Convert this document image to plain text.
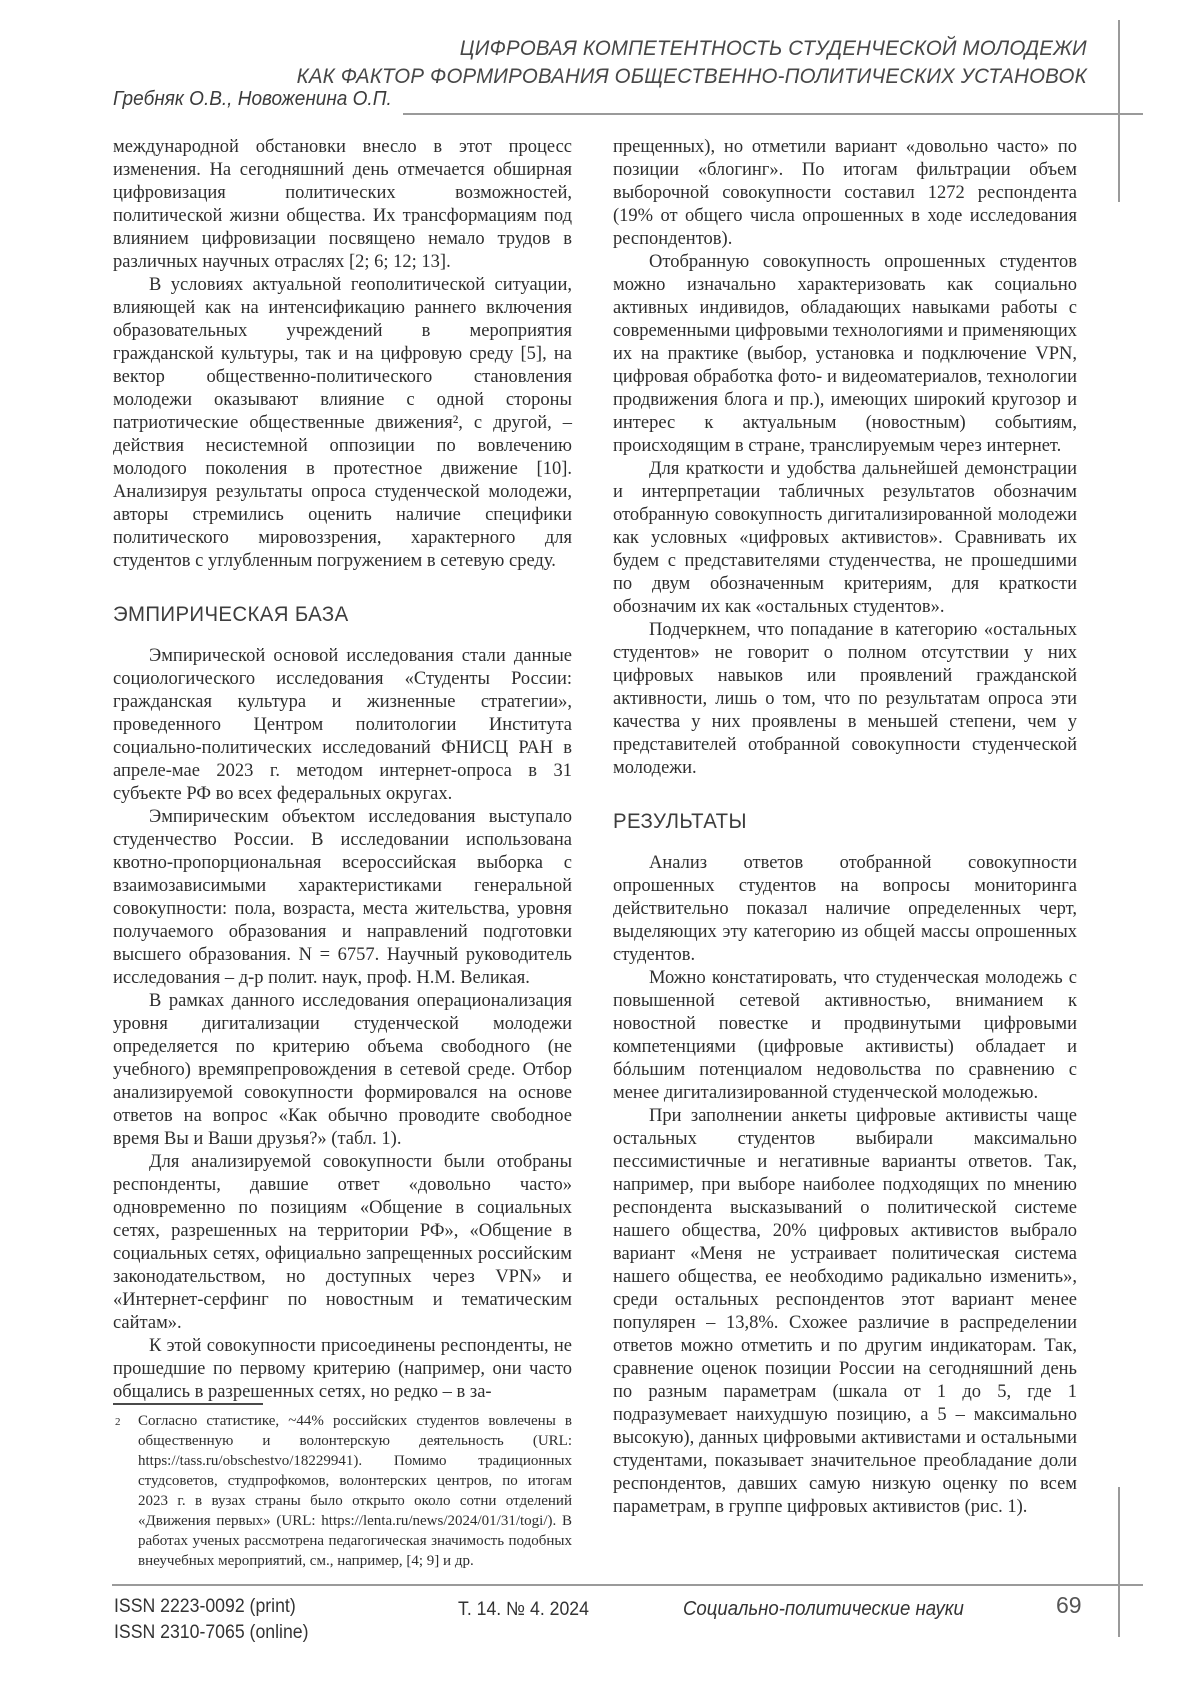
ЦИФРОВАЯ КОМПЕТЕНТНОСТЬ СТУДЕНЧЕСКОЙ МОЛОДЕЖИ
КАК ФАКТОР ФОРМИРОВАНИЯ ОБЩЕСТВЕННО-ПОЛИТИЧЕСКИХ УСТАНОВОК
Гребняк О.В., Новоженина О.П.

международной обстановки внесло в этот процесс изменения. На сегодняшний день отмечается обширная цифровизация политических возможностей, политической жизни общества. Их трансформациям под влиянием цифровизации посвящено немало трудов в различных научных отраслях [2; 6; 12; 13].

В условиях актуальной геополитической ситуации, влияющей как на интенсификацию раннего включения образовательных учреждений в мероприятия гражданской культуры, так и на цифровую среду [5], на вектор общественно-политического становления молодежи оказывают влияние с одной стороны патриотические общественные движения², с другой, – действия несистемной оппозиции по вовлечению молодого поколения в протестное движение [10]. Анализируя результаты опроса студенческой молодежи, авторы стремились оценить наличие специфики политического мировоззрения, характерного для студентов с углубленным погружением в сетевую среду.

ЭМПИРИЧЕСКАЯ БАЗА

Эмпирической основой исследования стали данные социологического исследования «Студенты России: гражданская культура и жизненные стратегии», проведенного Центром политологии Института социально-политических исследований ФНИСЦ РАН в апреле-мае 2023 г. методом интернет-опроса в 31 субъекте РФ во всех федеральных округах.

Эмпирическим объектом исследования выступало студенчество России. В исследовании использована квотно-пропорциональная всероссийская выборка с взаимозависимыми характеристиками генеральной совокупности: пола, возраста, места жительства, уровня получаемого образования и направлений подготовки высшего образования. N = 6757. Научный руководитель исследования – д-р полит. наук, проф. Н.М. Великая.

В рамках данного исследования операционализация уровня дигитализации студенческой молодежи определяется по критерию объема свободного (не учебного) времяпрепровождения в сетевой среде. Отбор анализируемой совокупности формировался на основе ответов на вопрос «Как обычно проводите свободное время Вы и Ваши друзья?» (табл. 1).

Для анализируемой совокупности были отобраны респонденты, давшие ответ «довольно часто» одновременно по позициям «Общение в социальных сетях, разрешенных на территории РФ», «Общение в социальных сетях, официально запрещенных российским законодательством, но доступных через VPN» и «Интернет-серфинг по новостным и тематическим сайтам».

К этой совокупности присоединены респонденты, не прошедшие по первому критерию (например, они часто общались в разрешенных сетях, но редко – в за-

2 Согласно статистике, ~44% российских студентов вовлечены в общественную и волонтерскую деятельность (URL: https://tass.ru/obschestvo/18229941). Помимо традиционных студсоветов, студпрофкомов, волонтерских центров, по итогам 2023 г. в вузах страны было открыто около сотни отделений «Движения первых» (URL: https://lenta.ru/news/2024/01/31/togi/). В работах ученых рассмотрена педагогическая значимость подобных внеучебных мероприятий, см., например, [4; 9] и др.

прещенных), но отметили вариант «довольно часто» по позиции «блогинг». По итогам фильтрации объем выборочной совокупности составил 1272 респондента (19% от общего числа опрошенных в ходе исследования респондентов).

Отобранную совокупность опрошенных студентов можно изначально характеризовать как социально активных индивидов, обладающих навыками работы с современными цифровыми технологиями и применяющих их на практике (выбор, установка и подключение VPN, цифровая обработка фото- и видеоматериалов, технологии продвижения блога и пр.), имеющих широкий кругозор и интерес к актуальным (новостным) событиям, происходящим в стране, транслируемым через интернет.

Для краткости и удобства дальнейшей демонстрации и интерпретации табличных результатов обозначим отобранную совокупность дигитализированной молодежи как условных «цифровых активистов». Сравнивать их будем с представителями студенчества, не прошедшими по двум обозначенным критериям, для краткости обозначим их как «остальных студентов».

Подчеркнем, что попадание в категорию «остальных студентов» не говорит о полном отсутствии у них цифровых навыков или проявлений гражданской активности, лишь о том, что по результатам опроса эти качества у них проявлены в меньшей степени, чем у представителей отобранной совокупности студенческой молодежи.

РЕЗУЛЬТАТЫ

Анализ ответов отобранной совокупности опрошенных студентов на вопросы мониторинга действительно показал наличие определенных черт, выделяющих эту категорию из общей массы опрошенных студентов.

Можно констатировать, что студенческая молодежь с повышенной сетевой активностью, вниманием к новостной повестке и продвинутыми цифровыми компетенциями (цифровые активисты) обладает и бóльшим потенциалом недовольства по сравнению с менее дигитализированной студенческой молодежью.

При заполнении анкеты цифровые активисты чаще остальных студентов выбирали максимально пессимистичные и негативные варианты ответов. Так, например, при выборе наиболее подходящих по мнению респондента высказываний о политической системе нашего общества, 20% цифровых активистов выбрало вариант «Меня не устраивает политическая система нашего общества, ее необходимо радикально изменить», среди остальных респондентов этот вариант менее популярен – 13,8%. Схожее различие в распределении ответов можно отметить и по другим индикаторам. Так, сравнение оценок позиции России на сегодняшний день по разным параметрам (шкала от 1 до 5, где 1 подразумевает наихудшую позицию, а 5 – максимально высокую), данных цифровыми активистами и остальными студентами, показывает значительное преобладание доли респондентов, давших самую низкую оценку по всем параметрам, в группе цифровых активистов (рис. 1).

ISSN 2223-0092 (print)
ISSN 2310-7065 (online)
Т. 14. № 4. 2024	Социально-политические науки	69
